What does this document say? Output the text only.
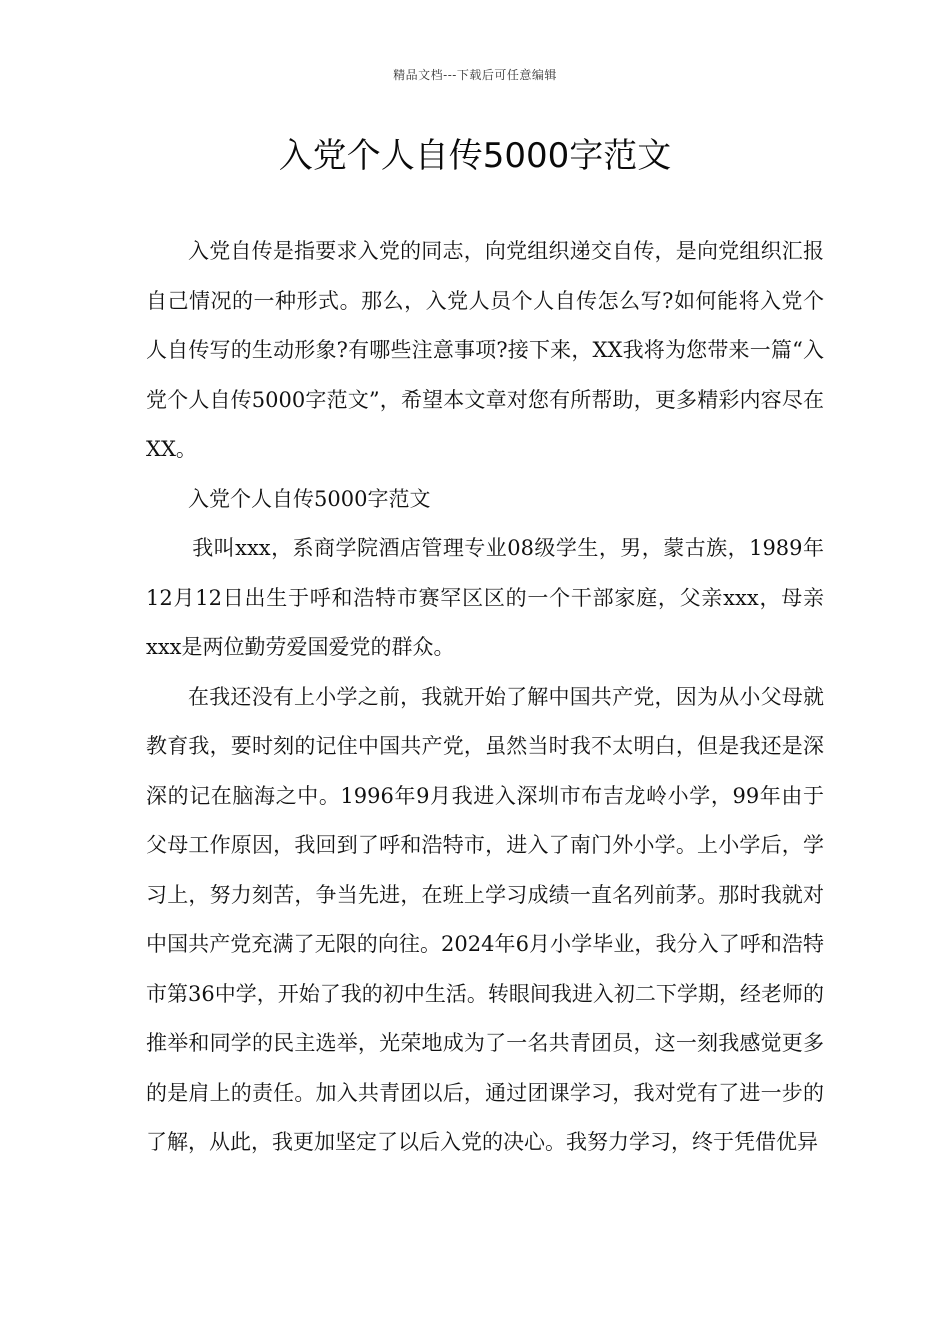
精品文档---下载后可任意编辑
入党个人自传5000字范文

入党自传是指要求入党的同志，向党组织递交自传，是向党组织汇报自己情况的一种形式。那么，入党人员个人自传怎么写?如何能将入党个人自传写的生动形象?有哪些注意事项?接下来，XX我将为您带来一篇“入党个人自传5000字范文”，希望本文章对您有所帮助，更多精彩内容尽在XX。

入党个人自传5000字范文

我叫xxx，系商学院酒店管理专业08级学生，男，蒙古族，1989年12月12日出生于呼和浩特市赛罕区区的一个干部家庭，父亲xxx，母亲xxx是两位勤劳爱国爱党的群众。

在我还没有上小学之前，我就开始了解中国共产党，因为从小父母就教育我，要时刻的记住中国共产党，虽然当时我不太明白，但是我还是深深的记在脑海之中。1996年9月我进入深圳市布吉龙岭小学，99年由于父母工作原因，我回到了呼和浩特市，进入了南门外小学。上小学后，学习上，努力刻苦，争当先进，在班上学习成绩一直名列前茅。那时我就对中国共产党充满了无限的向往。2024年6月小学毕业，我分入了呼和浩特市第36中学，开始了我的初中生活。转眼间我进入初二下学期，经老师的推举和同学的民主选举，光荣地成为了一名共青团员，这一刻我感觉更多的是肩上的责任。加入共青团以后，通过团课学习，我对党有了进一步的了解，从此，我更加坚定了以后入党的决心。我努力学习，终于凭借优异
